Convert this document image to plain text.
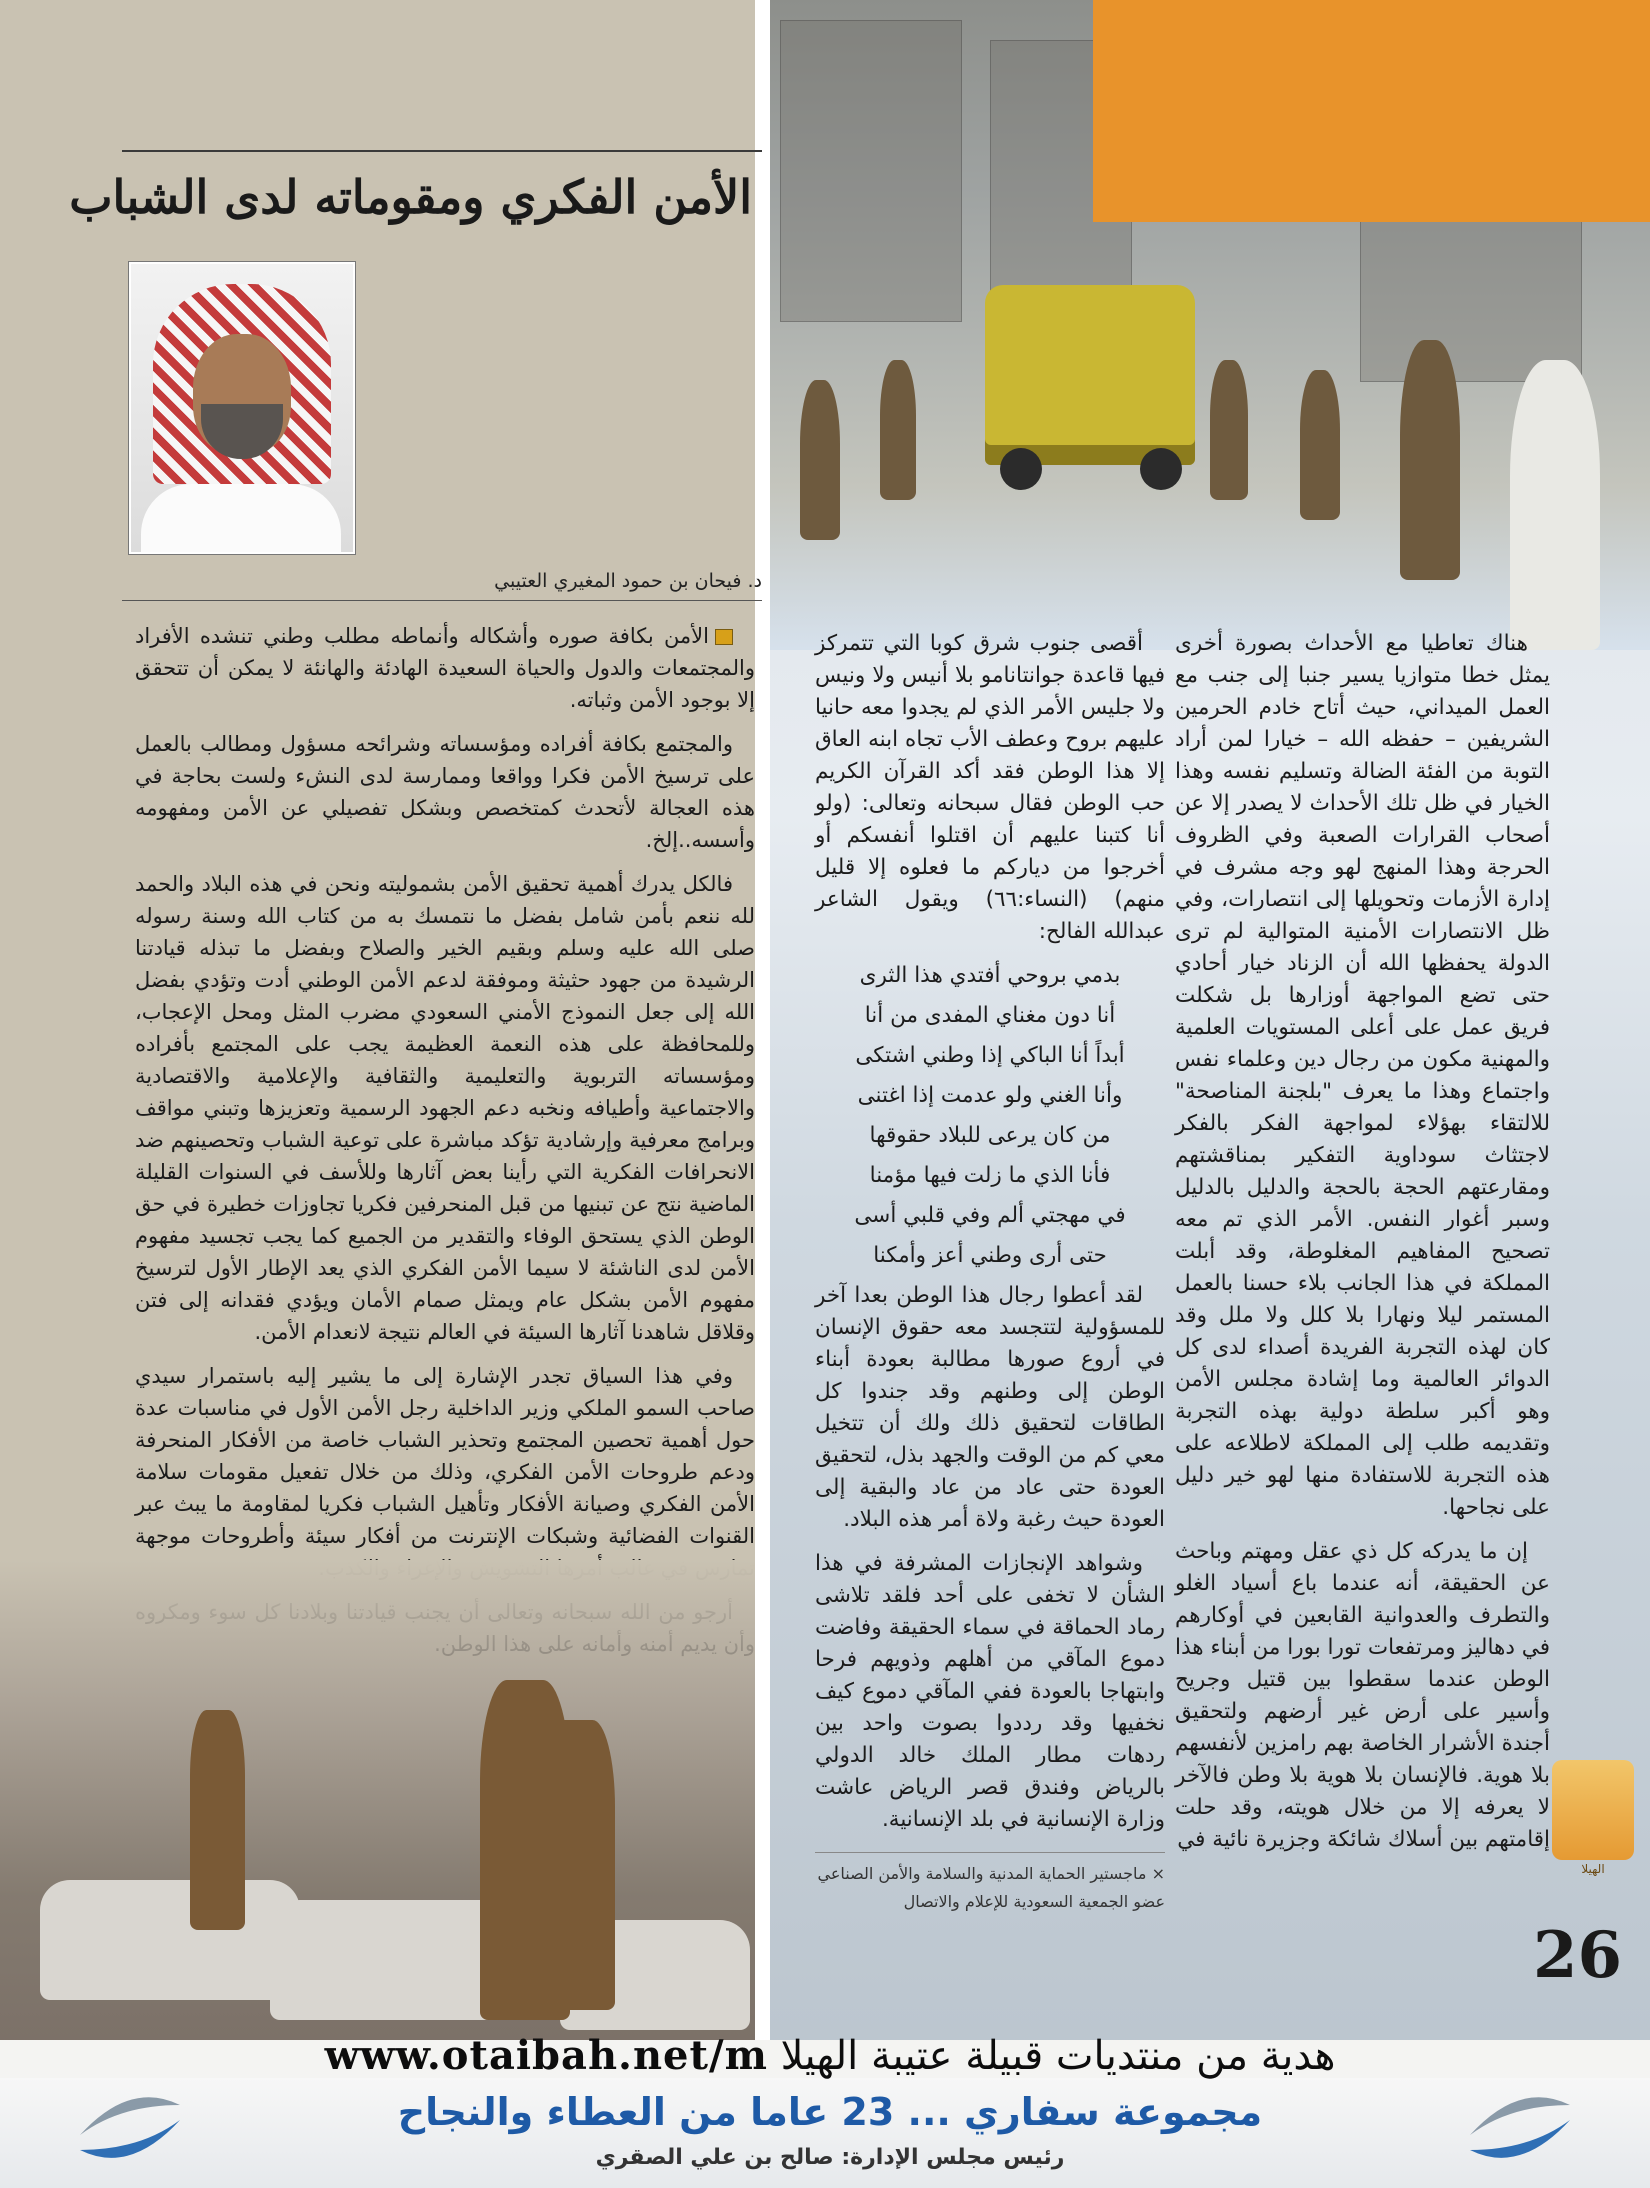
الأمن الفكري ومقوماته لدى الشباب
د. فيحان بن حمود المغيري العتيبي

الأمن بكافة صوره وأشكاله وأنماطه مطلب وطني تنشده الأفراد والمجتمعات والدول والحياة السعيدة الهادئة والهانئة لا يمكن أن تتحقق إلا بوجود الأمن وثباته.

والمجتمع بكافة أفراده ومؤسساته وشرائحه مسؤول ومطالب بالعمل على ترسيخ الأمن فكرا وواقعا وممارسة لدى النشء ولست بحاجة في هذه العجالة لأتحدث كمتخصص وبشكل تفصيلي عن الأمن ومفهومه وأسسه..إلخ.

فالكل يدرك أهمية تحقيق الأمن بشموليته ونحن في هذه البلاد والحمد لله ننعم بأمن شامل بفضل ما نتمسك به من كتاب الله وسنة رسوله صلى الله عليه وسلم وبقيم الخير والصلاح وبفضل ما تبذله قيادتنا الرشيدة من جهود حثيثة وموفقة لدعم الأمن الوطني أدت وتؤدي بفضل الله إلى جعل النموذج الأمني السعودي مضرب المثل ومحل الإعجاب، وللمحافظة على هذه النعمة العظيمة يجب على المجتمع بأفراده ومؤسساته التربوية والتعليمية والثقافية والإعلامية والاقتصادية والاجتماعية وأطيافه ونخبه دعم الجهود الرسمية وتعزيزها وتبني مواقف وبرامج معرفية وإرشادية تؤكد مباشرة على توعية الشباب وتحصينهم ضد الانحرافات الفكرية التي رأينا بعض آثارها وللأسف في السنوات القليلة الماضية نتج عن تبنيها من قبل المنحرفين فكريا تجاوزات خطيرة في حق الوطن الذي يستحق الوفاء والتقدير من الجميع كما يجب تجسيد مفهوم الأمن لدى الناشئة لا سيما الأمن الفكري الذي يعد الإطار الأول لترسيخ مفهوم الأمن بشكل عام ويمثل صمام الأمان ويؤدي فقدانه إلى فتن وقلاقل شاهدنا آثارها السيئة في العالم نتيجة لانعدام الأمن.

وفي هذا السياق تجدر الإشارة إلى ما يشير إليه باستمرار سيدي صاحب السمو الملكي وزير الداخلية رجل الأمن الأول في مناسبات عدة حول أهمية تحصين المجتمع وتحذير الشباب خاصة من الأفكار المنحرفة ودعم طروحات الأمن الفكري، وذلك من خلال تفعيل مقومات سلامة الأمن الفكري وصيانة الأفكار وتأهيل الشباب فكريا لمقاومة ما يبث عبر القنوات الفضائية وشبكات الإنترنت من أفكار سيئة وأطروحات موجهة

أقصى جنوب شرق كوبا التي تتمركز فيها قاعدة جوانتانامو بلا أنيس ولا ونيس ولا جليس الأمر الذي لم يجدوا معه حانيا عليهم بروح وعطف الأب تجاه ابنه العاق إلا هذا الوطن فقد أكد القرآن الكريم حب الوطن فقال سبحانه وتعالى: (ولو أنا كتبنا عليهم أن اقتلوا أنفسكم أو أخرجوا من دياركم ما فعلوه إلا قليل منهم) (النساء:٦٦) ويقول الشاعر عبدالله الفالح:

بدمي بروحي أفتدي هذا الثرى

أنا دون مغناي المفدى من أنا

أبداً أنا الباكي إذا وطني اشتكى

وأنا الغني ولو عدمت إذا اغتنى

من كان يرعى للبلاد حقوقها

فأنا الذي ما زلت فيها مؤمنا

في مهجتي ألم وفي قلبي أسى

حتى أرى وطني أعز وأمكنا

لقد أعطوا رجال هذا الوطن بعدا آخر للمسؤولية لتتجسد معه حقوق الإنسان في أروع صورها مطالبة بعودة أبناء الوطن إلى وطنهم وقد جندوا كل الطاقات لتحقيق ذلك ولك أن تتخيل معي كم من الوقت والجهد بذل، لتحقيق العودة حتى عاد من عاد والبقية إلى العودة حيث رغبة ولاة أمر هذه البلاد.

وشواهد الإنجازات المشرفة في هذا الشأن لا تخفى على أحد فلقد تلاشى رماد الحماقة في سماء الحقيقة وفاضت دموع المآقي من أهلهم وذويهم فرحا وابتهاجا بالعودة ففي المآقي دموع كيف نخفيها وقد رددوا بصوت واحد بين ردهات مطار الملك خالد الدولي بالرياض وفندق قصر الرياض عاشت وزارة الإنسانية في بلد الإنسانية.

× ماجستير الحماية المدنية والسلامة والأمن الصناعي عضو الجمعية السعودية للإعلام والاتصال

هناك تعاطيا مع الأحداث بصورة أخرى يمثل خطا متوازيا يسير جنبا إلى جنب مع العمل الميداني، حيث أتاح خادم الحرمين الشريفين – حفظه الله – خيارا لمن أراد التوبة من الفئة الضالة وتسليم نفسه وهذا الخيار في ظل تلك الأحداث لا يصدر إلا عن أصحاب القرارات الصعبة وفي الظروف الحرجة وهذا المنهج لهو وجه مشرف في إدارة الأزمات وتحويلها إلى انتصارات، وفي ظل الانتصارات الأمنية المتوالية لم ترى الدولة يحفظها الله أن الزناد خيار أحادي حتى تضع المواجهة أوزارها بل شكلت فريق عمل على أعلى المستويات العلمية والمهنية مكون من رجال دين وعلماء نفس واجتماع وهذا ما يعرف "بلجنة المناصحة" للالتقاء بهؤلاء لمواجهة الفكر بالفكر لاجتثاث سوداوية التفكير بمناقشتهم ومقارعتهم الحجة بالحجة والدليل بالدليل وسبر أغوار النفس. الأمر الذي تم معه تصحيح المفاهيم المغلوطة، وقد أبلت المملكة في هذا الجانب بلاء حسنا بالعمل المستمر ليلا ونهارا بلا كلل ولا ملل وقد كان لهذه التجربة الفريدة أصداء لدى كل الدوائر العالمية وما إشادة مجلس الأمن وهو أكبر سلطة دولية بهذه التجربة وتقديمه طلب إلى المملكة لاطلاعه على هذه التجربة للاستفادة منها لهو خير دليل على نجاحها.

إن ما يدركه كل ذي عقل ومهتم وباحث عن الحقيقة، أنه عندما باع أسياد الغلو والتطرف والعدوانية القابعين في أوكارهم في دهاليز ومرتفعات تورا بورا من أبناء هذا الوطن عندما سقطوا بين قتيل وجريح وأسير على أرض غير أرضهم ولتحقيق أجندة الأشرار الخاصة بهم رامزين لأنفسهم بلا هوية. فالإنسان بلا هوية بلا وطن فالآخر لا يعرفه إلا من خلال هويته، وقد حلت إقامتهم بين أسلاك شائكة وجزيرة نائية في

الهيلا
26
مجموعة سفاري ... 23 عاما من العطاء والنجاح
رئيس مجلس الإدارة: صالح بن علي الصقري
هدية من منتديات قبيلة عتيبة الهيلا www.otaibah.net/m
